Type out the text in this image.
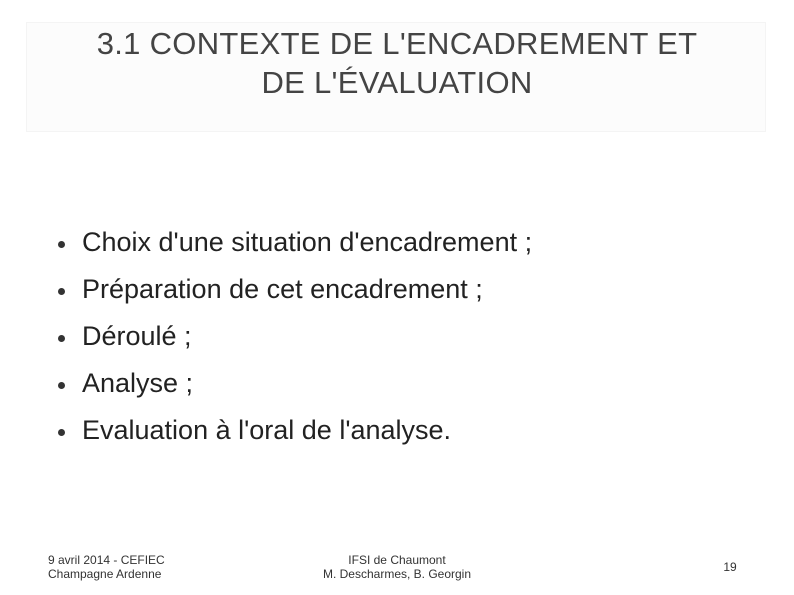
3.1 CONTEXTE DE L'ENCADREMENT ET
DE L'ÉVALUATION
Choix d'une situation d'encadrement ;
Préparation de cet encadrement ;
Déroulé ;
Analyse ;
Evaluation à l'oral de l'analyse.
9 avril 2014 - CEFIEC
Champagne Ardenne
IFSI de Chaumont
M. Descharmes, B. Georgin	19
